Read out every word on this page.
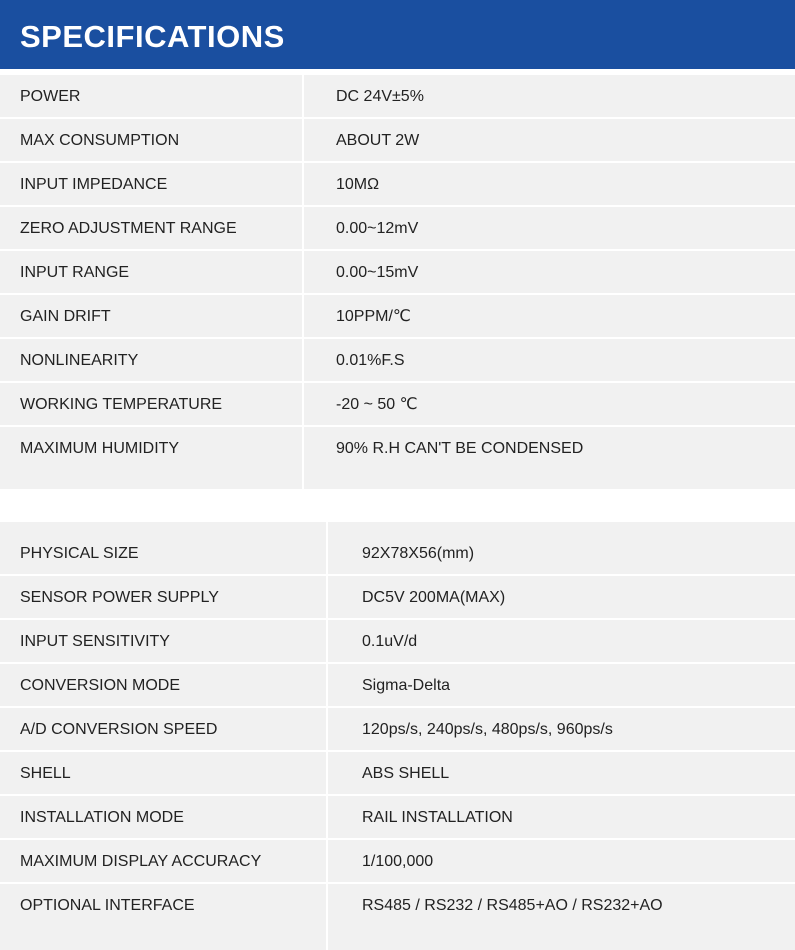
SPECIFICATIONS
POWER	DC 24V±5%
MAX CONSUMPTION	ABOUT 2W
INPUT IMPEDANCE	10MΩ
ZERO ADJUSTMENT RANGE	0.00~12mV
INPUT RANGE	0.00~15mV
GAIN DRIFT	10PPM/℃
NONLINEARITY	0.01%F.S
WORKING TEMPERATURE	-20 ~ 50 ℃
MAXIMUM HUMIDITY	90% R.H CAN'T BE CONDENSED
PHYSICAL SIZE	92X78X56(mm)
SENSOR POWER SUPPLY	DC5V 200MA(MAX)
INPUT SENSITIVITY	0.1uV/d
CONVERSION MODE	Sigma-Delta
A/D CONVERSION SPEED	120ps/s, 240ps/s, 480ps/s, 960ps/s
SHELL	ABS SHELL
INSTALLATION MODE	RAIL INSTALLATION
MAXIMUM DISPLAY ACCURACY	1/100,000
OPTIONAL INTERFACE	RS485 / RS232 / RS485+AO / RS232+AO
